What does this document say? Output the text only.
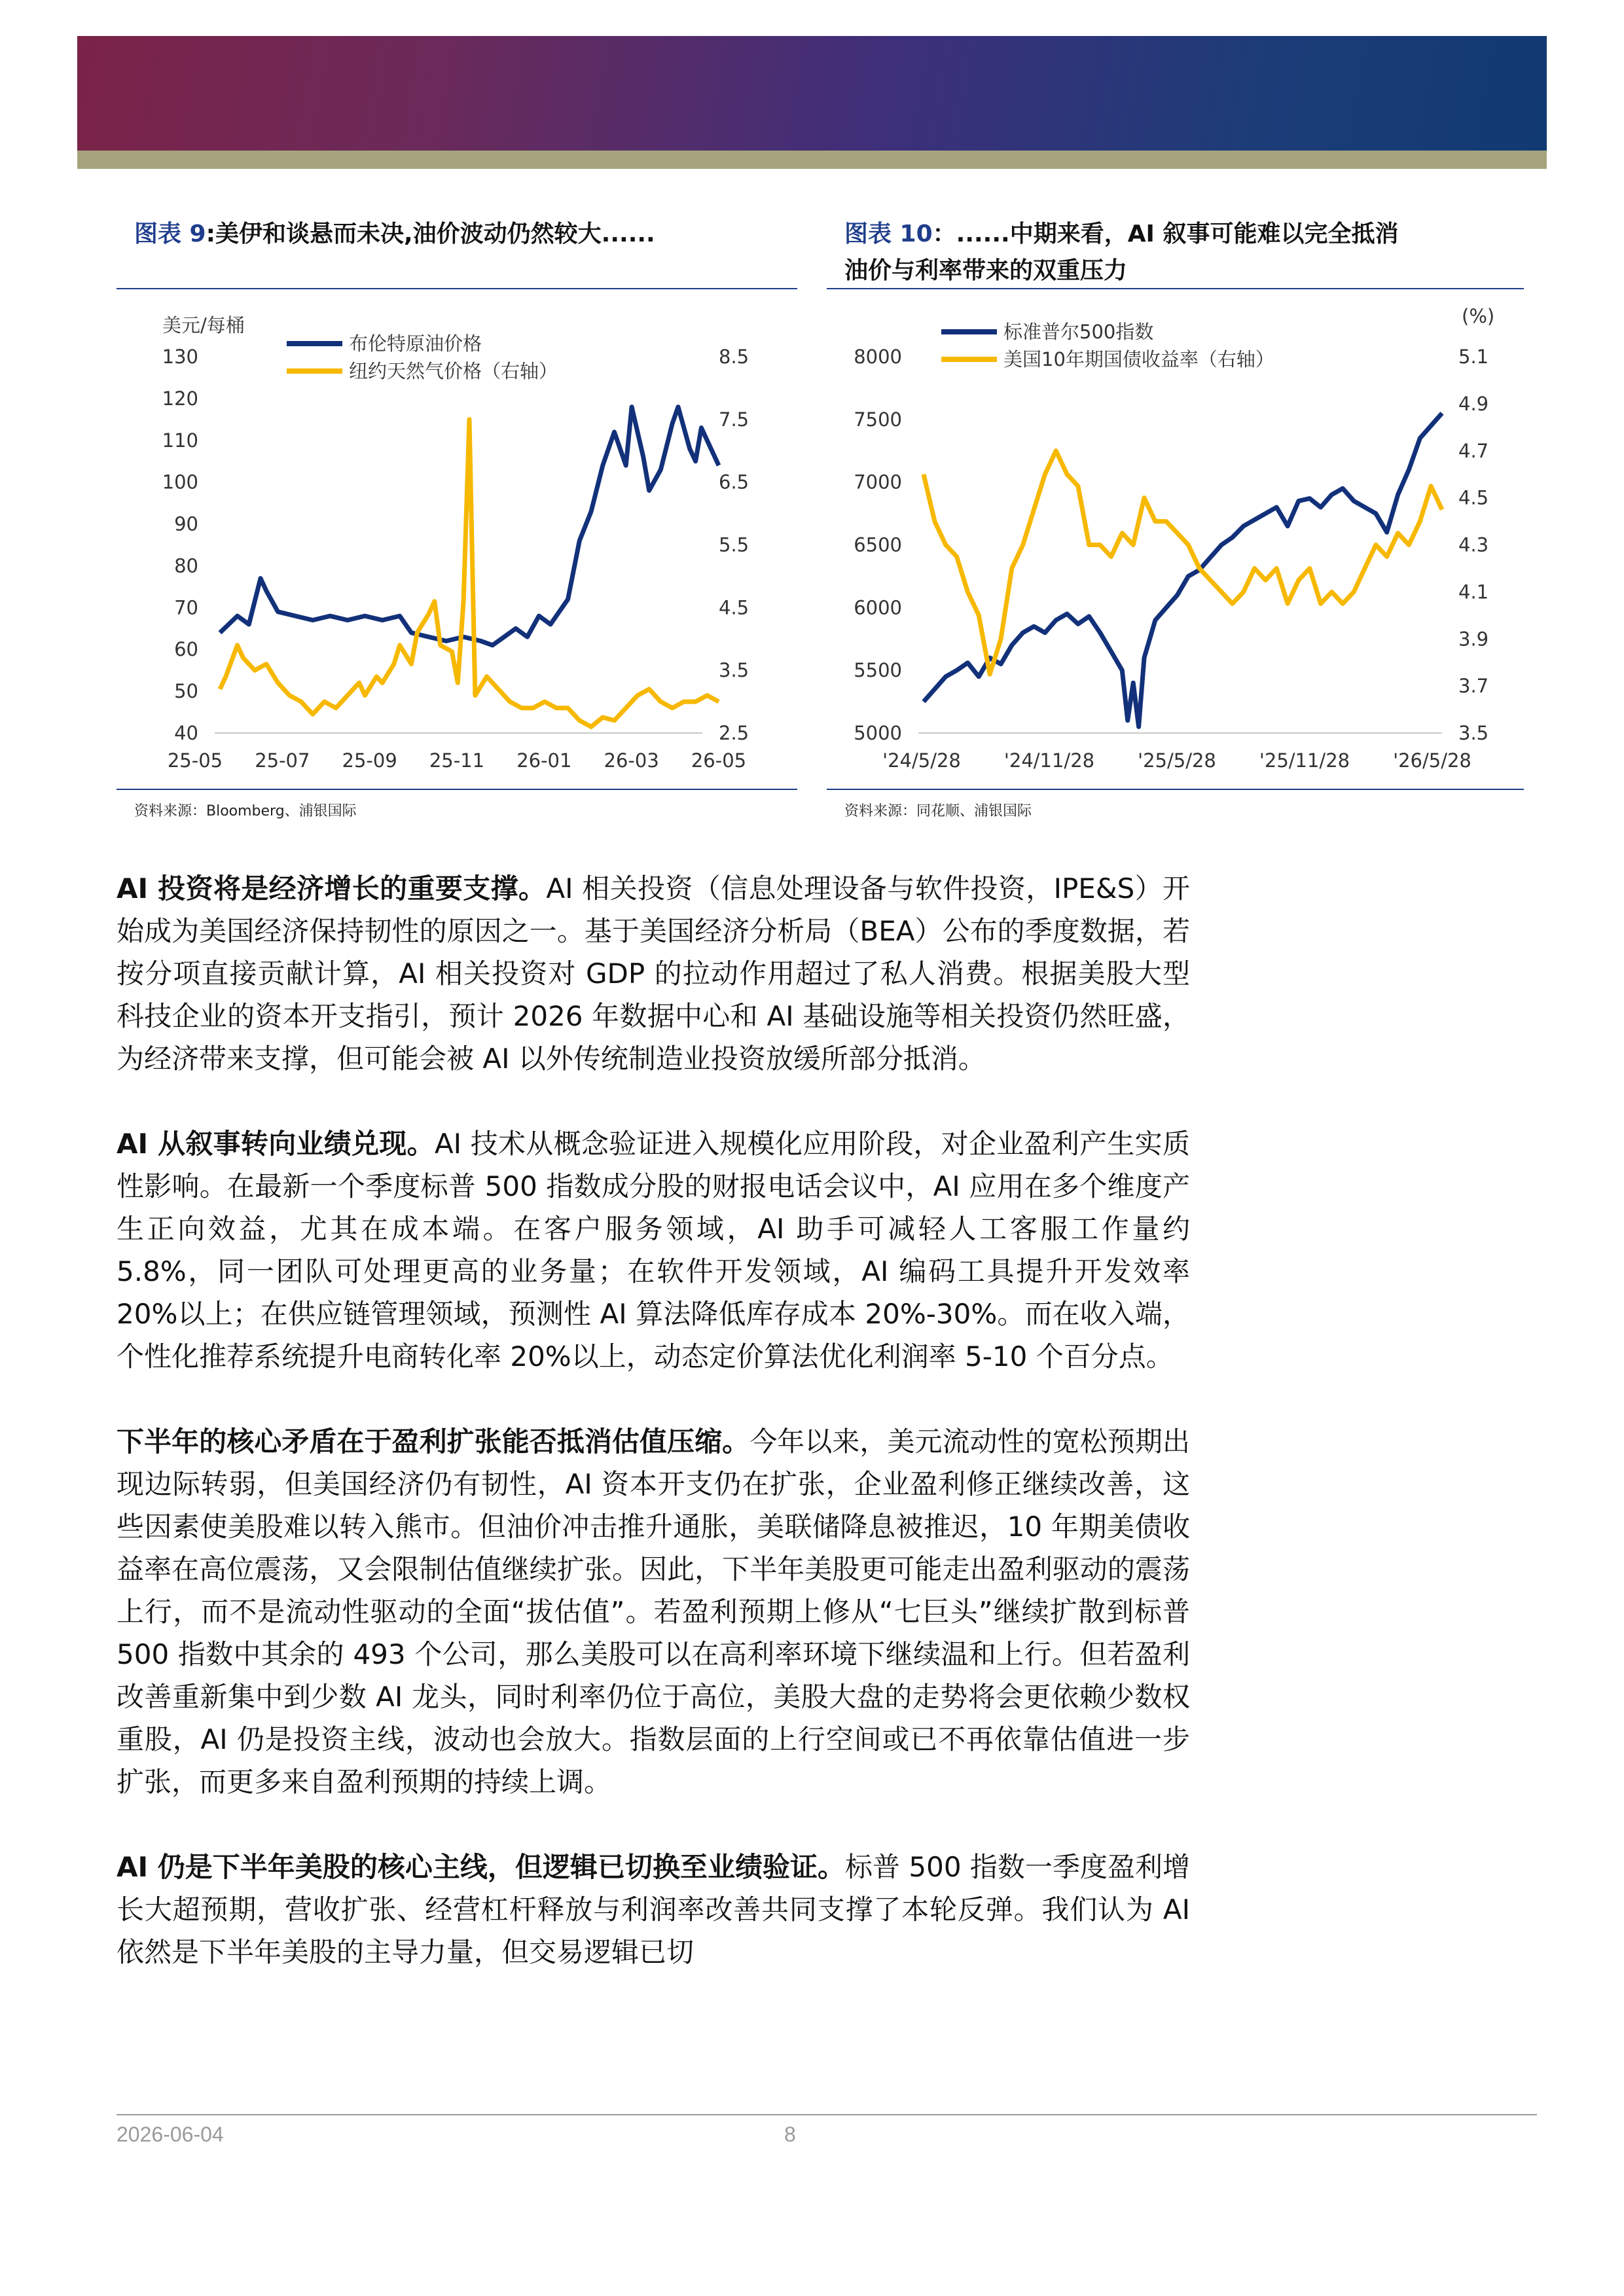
图表 9:美伊和谈悬而未决,油价波动仍然较大......
130
120
110
100
90
80
70
60
50
40
8.5
7.5
6.5
5.5
4.5
3.5
2.5
25-05 25-07 25-09 25-11 26-01 26-03 26-05
美元/每桶
布伦特原油价格
纽约天然气价格（右轴）
资料来源：Bloomberg、浦银国际
图表 10：......中期来看，AI 叙事可能难以完全抵消
油价与利率带来的双重压力
8000
7500
7000
6500
6000
5500
5000
5.1
4.9
4.7
4.5
4.3
4.1
3.9
3.7
3.5
'24/5/28 '24/11/28 '25/5/28 '25/11/28 '26/5/28
(%)
标准普尔500指数
美国10年期国债收益率（右轴）
资料来源：同花顺、浦银国际

AI 投资将是经济增长的重要支撑。AI 相关投资（信息处理设备与软件投资，IPE&S）开始成为美国经济保持韧性的原因之一。基于美国经济分析局（BEA）公布的季度数据，若按分项直接贡献计算，AI 相关投资对 GDP 的拉动作用超过了私人消费。根据美股大型科技企业的资本开支指引，预计 2026 年数据中心和 AI 基础设施等相关投资仍然旺盛，为经济带来支撑，但可能会被 AI 以外传统制造业投资放缓所部分抵消。

AI 从叙事转向业绩兑现。AI 技术从概念验证进入规模化应用阶段，对企业盈利产生实质性影响。在最新一个季度标普 500 指数成分股的财报电话会议中，AI 应用在多个维度产生正向效益，尤其在成本端。在客户服务领域，AI 助手可减轻人工客服工作量约 5.8%，同一团队可处理更高的业务量；在软件开发领域，AI 编码工具提升开发效率 20%以上；在供应链管理领域，预测性 AI 算法降低库存成本 20%-30%。而在收入端，个性化推荐系统提升电商转化率 20%以上，动态定价算法优化利润率 5-10 个百分点。

下半年的核心矛盾在于盈利扩张能否抵消估值压缩。今年以来，美元流动性的宽松预期出现边际转弱，但美国经济仍有韧性，AI 资本开支仍在扩张，企业盈利修正继续改善，这些因素使美股难以转入熊市。但油价冲击推升通胀，美联储降息被推迟，10 年期美债收益率在高位震荡，又会限制估值继续扩张。因此，下半年美股更可能走出盈利驱动的震荡上行，而不是流动性驱动的全面“拔估值”。若盈利预期上修从“七巨头”继续扩散到标普 500 指数中其余的 493 个公司，那么美股可以在高利率环境下继续温和上行。但若盈利改善重新集中到少数 AI 龙头，同时利率仍位于高位，美股大盘的走势将会更依赖少数权重股，AI 仍是投资主线，波动也会放大。指数层面的上行空间或已不再依靠估值进一步扩张，而更多来自盈利预期的持续上调。

AI 仍是下半年美股的核心主线，但逻辑已切换至业绩验证。标普 500 指数一季度盈利增长大超预期，营收扩张、经营杠杆释放与利润率改善共同支撑了本轮反弹。我们认为 AI 依然是下半年美股的主导力量，但交易逻辑已切

2026-06-04	8
